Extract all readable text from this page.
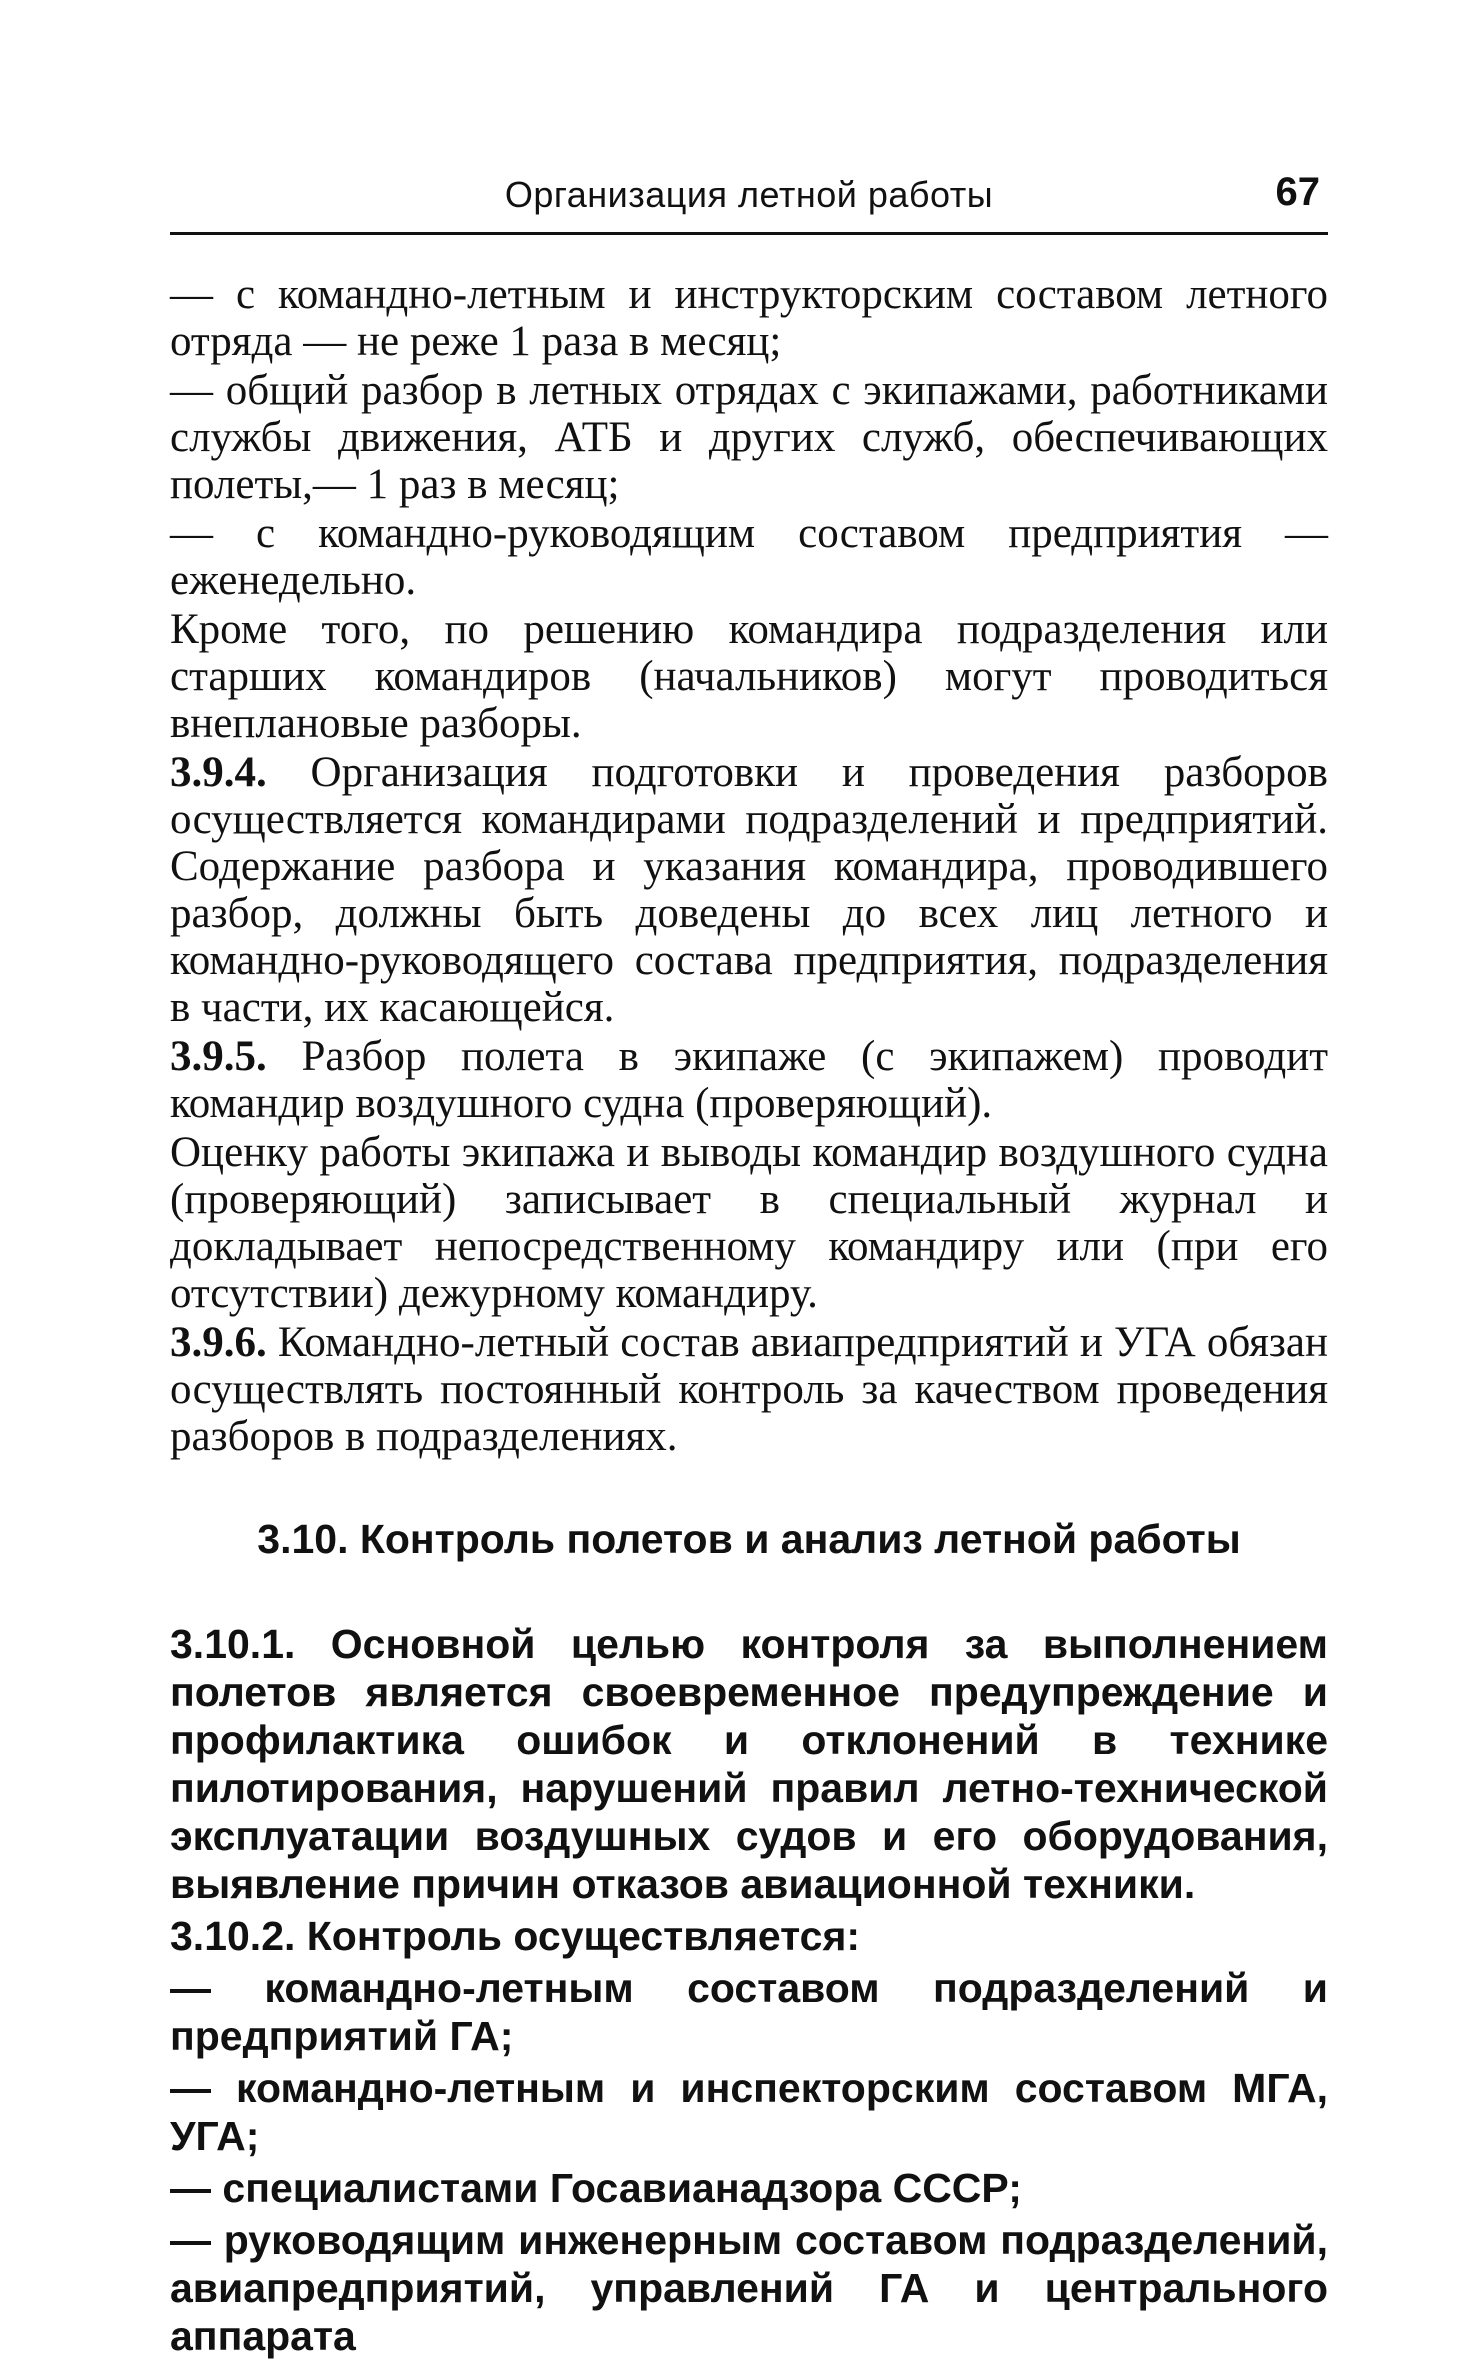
Организация летной работы	67

— с командно-летным и инструкторским составом летного отряда — не реже 1 раза в месяц;

— общий разбор в летных отрядах с экипажами, работниками службы движения, АТБ и других служб, обеспечивающих полеты,— 1 раз в месяц;

— с командно-руководящим составом предприятия — еженедельно.

Кроме того, по решению командира подразделения или старших командиров (начальников) могут проводиться внеплановые разборы.

3.9.4. Организация подготовки и проведения разборов осуществляется командирами подразделений и предприятий. Содержание разбора и указания командира, проводившего разбор, должны быть доведены до всех лиц летного и командно-руководящего состава предприятия, подразделения в части, их касающейся.

3.9.5. Разбор полета в экипаже (с экипажем) проводит командир воздушного судна (проверяющий).

Оценку работы экипажа и выводы командир воздушного судна (проверяющий) записывает в специальный журнал и докладывает непосредственному командиру или (при его отсутствии) дежурному командиру.

3.9.6. Командно-летный состав авиапредприятий и УГА обязан осуществлять постоянный контроль за качеством проведения разборов в подразделениях.

3.10. Контроль полетов и анализ летной работы

3.10.1. Основной целью контроля за выполнением полетов является своевременное предупреждение и профилактика ошибок и отклонений в технике пилотирования, нарушений правил летно-технической эксплуатации воздушных судов и его оборудования, выявление причин отказов авиационной техники.

3.10.2. Контроль осуществляется:

— командно-летным составом подразделений и предприятий ГА;

— командно-летным и инспекторским составом МГА, УГА;

— специалистами Госавианадзора СССР;

— руководящим инженерным составом подразделений, авиапредприятий, управлений ГА и центрального аппарата
